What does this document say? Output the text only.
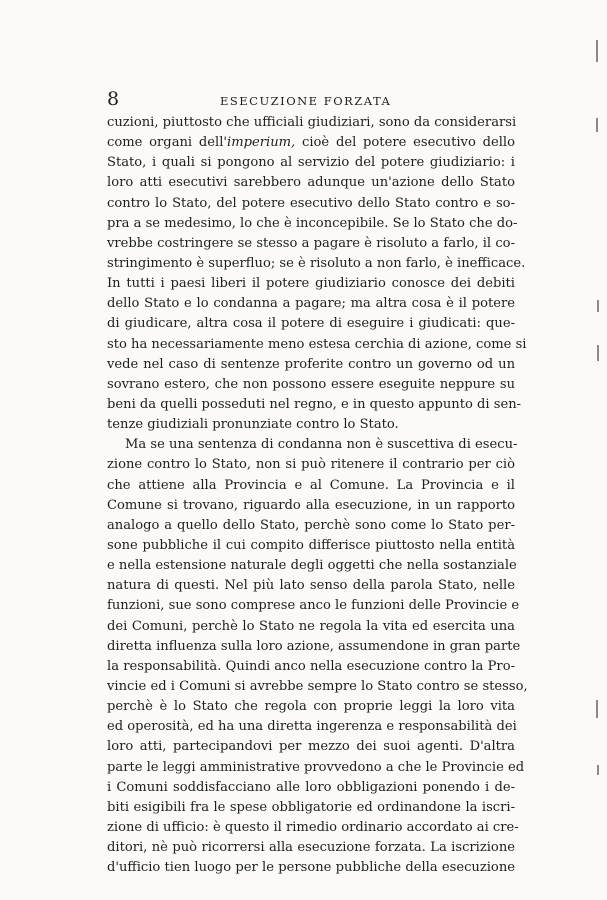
8	ESECUZIONE FORZATA
cuzioni, piuttosto che ufficiali giudiziari, sono da considerarsi
come organi dell'imperium, cioè del potere esecutivo dello
Stato, i quali si pongono al servizio del potere giudiziario: i
loro atti esecutivi sarebbero adunque un'azione dello Stato
contro lo Stato, del potere esecutivo dello Stato contro e so-
pra a se medesimo, lo che è inconcepibile. Se lo Stato che do-
vrebbe costringere se stesso a pagare è risoluto a farlo, il co-
stringimento è superfluo; se è risoluto a non farlo, è inefficace.
In tutti i paesi liberi il potere giudiziario conosce dei debiti
dello Stato e lo condanna a pagare; ma altra cosa è il potere
di giudicare, altra cosa il potere di eseguire i giudicati: que-
sto ha necessariamente meno estesa cerchia di azione, come si
vede nel caso di sentenze proferite contro un governo od un
sovrano estero, che non possono essere eseguite neppure su
beni da quelli posseduti nel regno, e in questo appunto di sen-
tenze giudiziali pronunziate contro lo Stato.
Ma se una sentenza di condanna non è suscettiva di esecu-
zione contro lo Stato, non si può ritenere il contrario per ciò
che attiene alla Provincia e al Comune. La Provincia e il
Comune si trovano, riguardo alla esecuzione, in un rapporto
analogo a quello dello Stato, perchè sono come lo Stato per-
sone pubbliche il cui compito differisce piuttosto nella entità
e nella estensione naturale degli oggetti che nella sostanziale
natura di questi. Nel più lato senso della parola Stato, nelle
funzioni, sue sono comprese anco le funzioni delle Provincie e
dei Comuni, perchè lo Stato ne regola la vita ed esercita una
diretta influenza sulla loro azione, assumendone in gran parte
la responsabilità. Quindi anco nella esecuzione contro la Pro-
vincie ed i Comuni si avrebbe sempre lo Stato contro se stesso,
perchè è lo Stato che regola con proprie leggi la loro vita
ed operosità, ed ha una diretta ingerenza e responsabilità dei
loro atti, partecipandovi per mezzo dei suoi agenti. D'altra
parte le leggi amministrative provvedono a che le Provincie ed
i Comuni soddisfacciano alle loro obbligazioni ponendo i de-
biti esigibili fra le spese obbligatorie ed ordinandone la iscri-
zione di ufficio: è questo il rimedio ordinario accordato ai cre-
ditori, nè può ricorrersi alla esecuzione forzata. La iscrizione
d'ufficio tien luogo per le persone pubbliche della esecuzione
